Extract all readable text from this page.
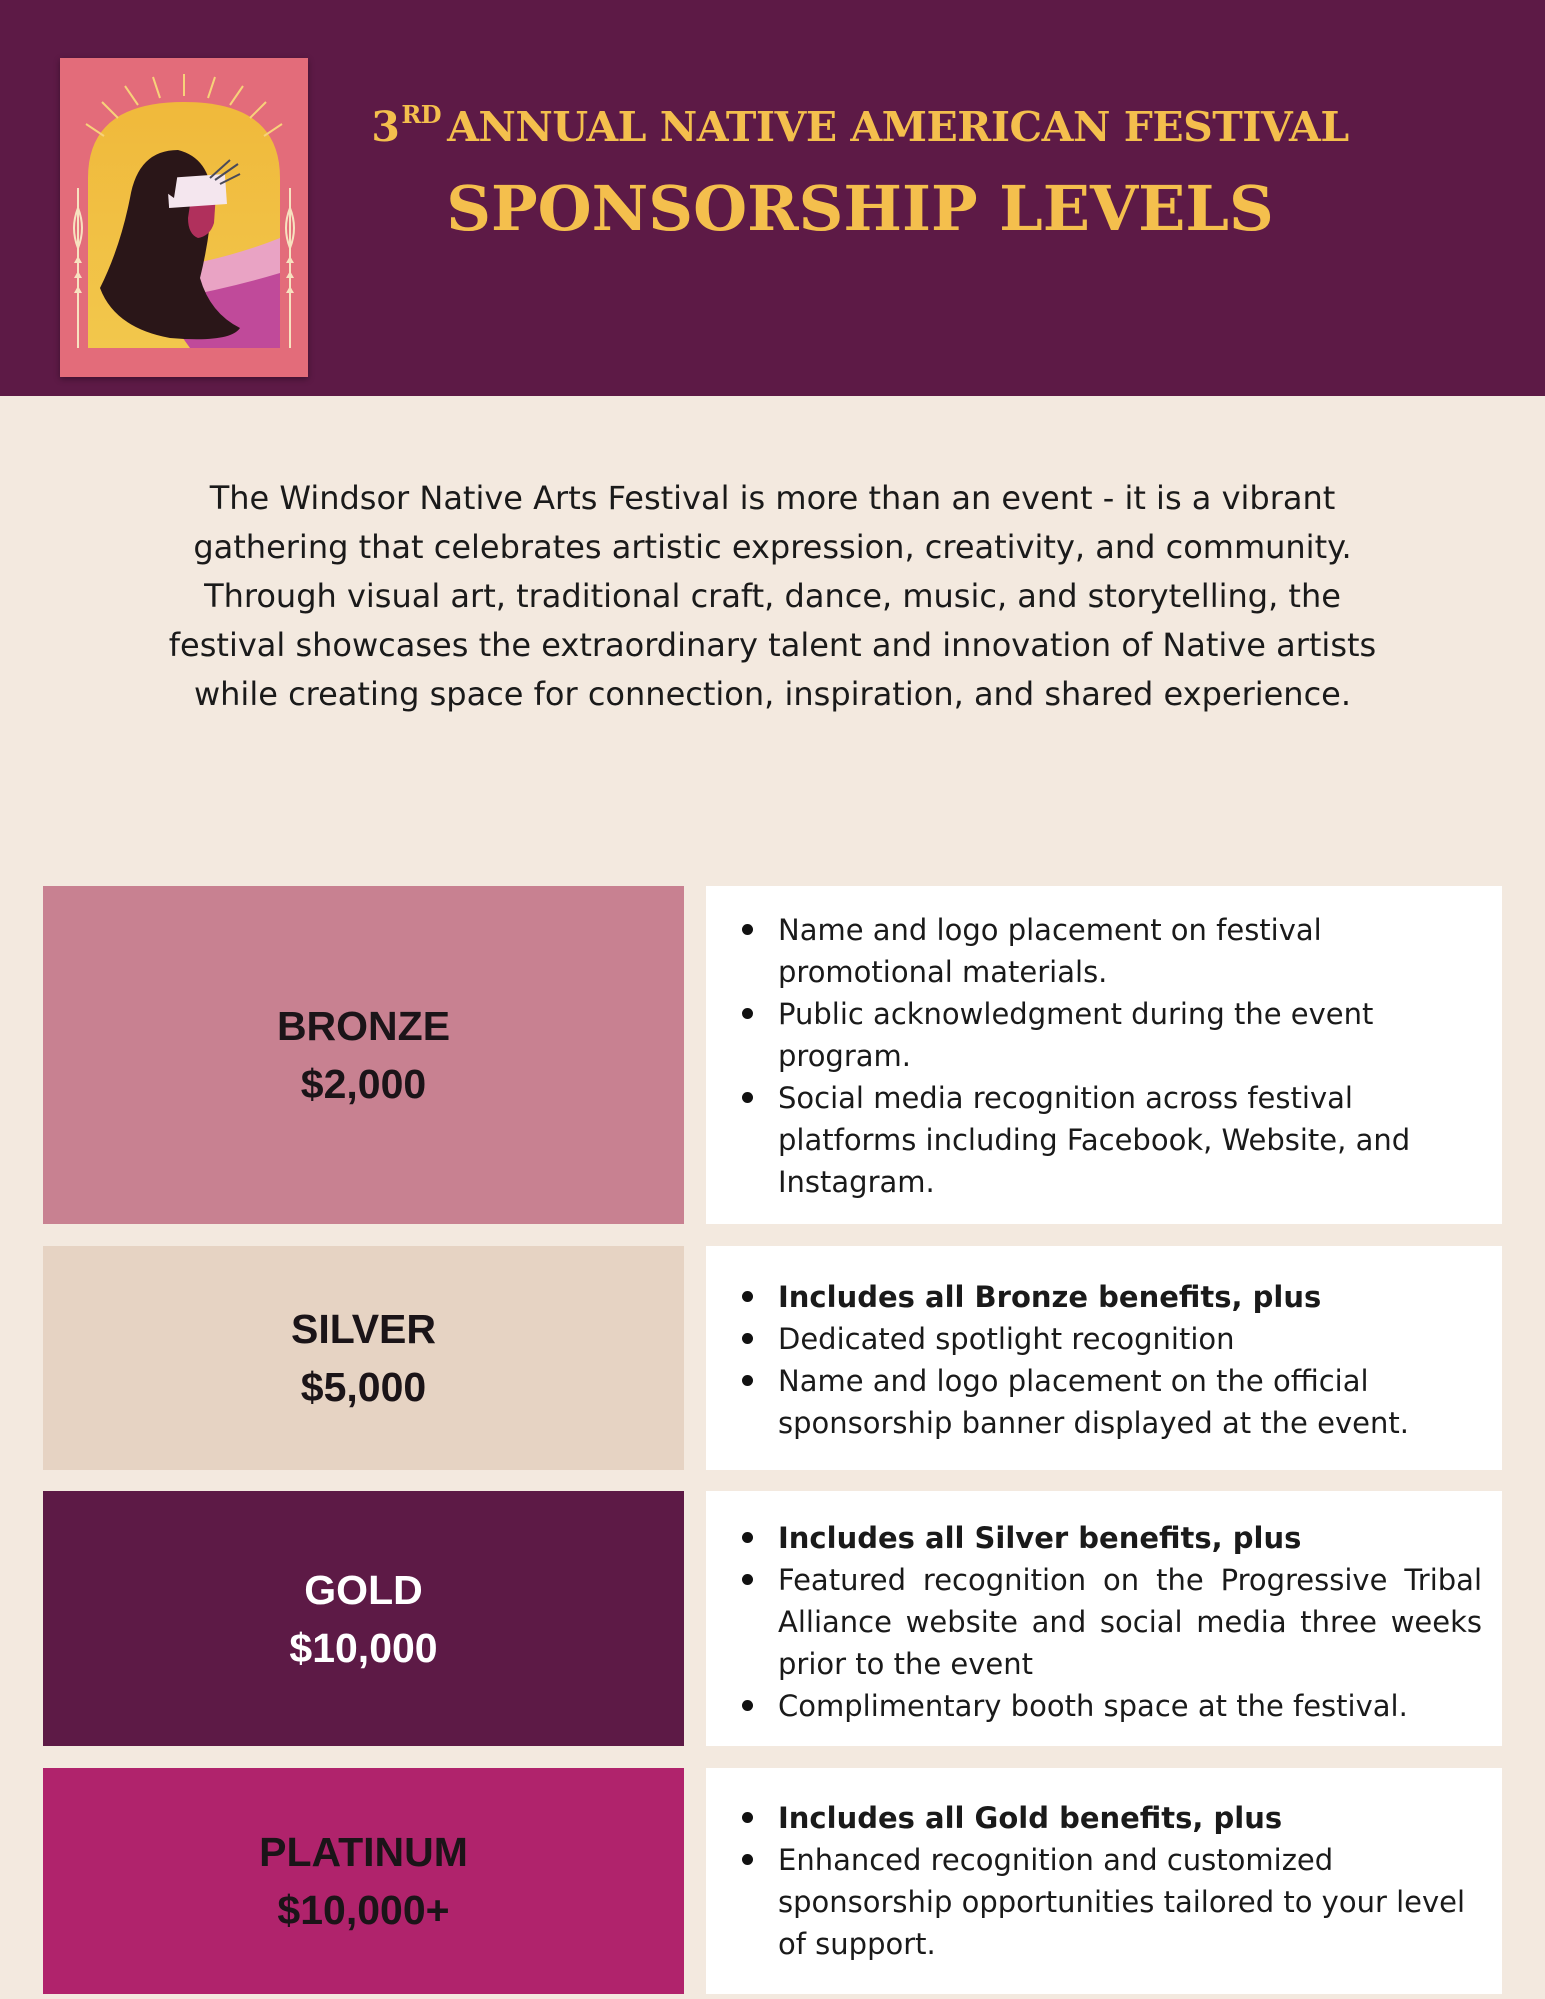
3RD ANNUAL NATIVE AMERICAN FESTIVAL
SPONSORSHIP LEVELS
The Windsor Native Arts Festival is more than an event - it is a vibrant
gathering that celebrates artistic expression, creativity, and community.
Through visual art, traditional craft, dance, music, and storytelling, the
festival showcases the extraordinary talent and innovation of Native artists
while creating space for connection, inspiration, and shared experience.
BRONZE
$2,000
Name and logo placement on festival promotional materials.
Public acknowledgment during the event program.
Social media recognition across festival platforms including Facebook, Website, and Instagram.
SILVER
$5,000
Includes all Bronze benefits, plus
Dedicated spotlight recognition
Name and logo placement on the official sponsorship banner displayed at the event.
GOLD
$10,000
Includes all Silver benefits, plus
Featured recognition on the Progressive Tribal Alliance website and social media three weeks prior to the event
Complimentary booth space at the festival.
PLATINUM
$10,000+
Includes all Gold benefits, plus
Enhanced recognition and customized sponsorship opportunities tailored to your level of support.
